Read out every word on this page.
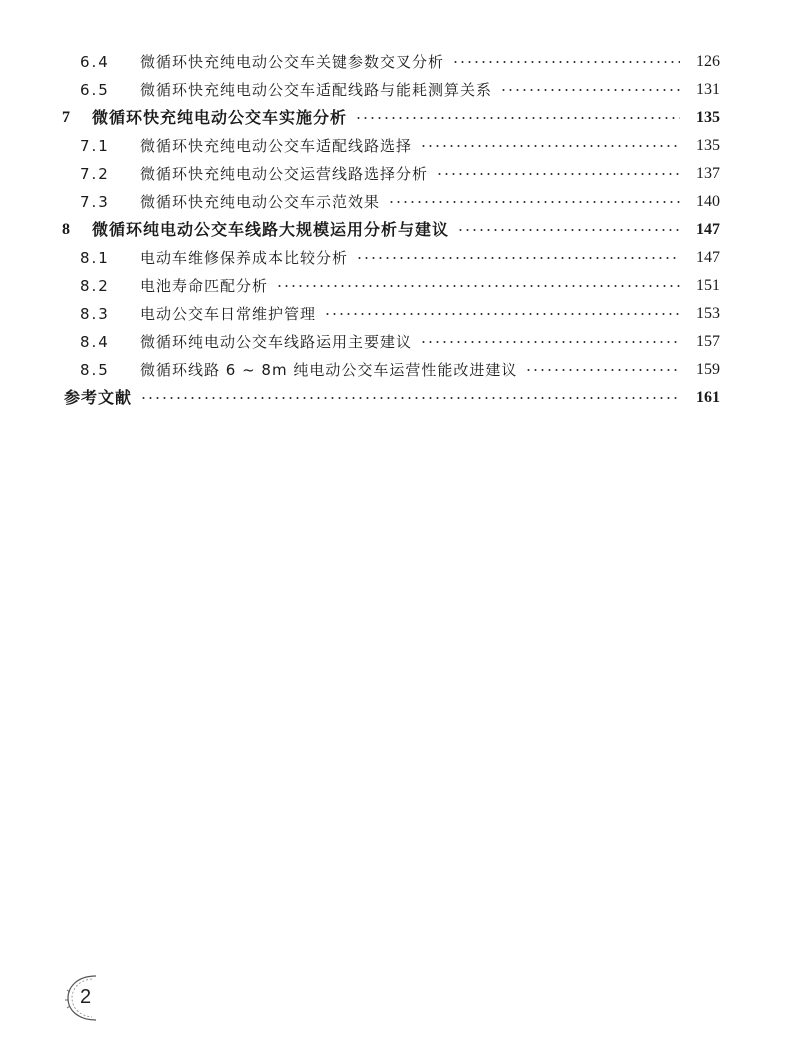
6.4	微循环快充纯电动公交车关键参数交叉分析	126
6.5	微循环快充纯电动公交车适配线路与能耗测算关系	131
7	微循环快充纯电动公交车实施分析	135
7.1	微循环快充纯电动公交车适配线路选择	135
7.2	微循环快充纯电动公交运营线路选择分析	137
7.3	微循环快充纯电动公交车示范效果	140
8	微循环纯电动公交车线路大规模运用分析与建议	147
8.1	电动车维修保养成本比较分析	147
8.2	电池寿命匹配分析	151
8.3	电动公交车日常维护管理	153
8.4	微循环纯电动公交车线路运用主要建议	157
8.5	微循环线路 6 ~ 8m 纯电动公交车运营性能改进建议	159
参考文献	161
2
